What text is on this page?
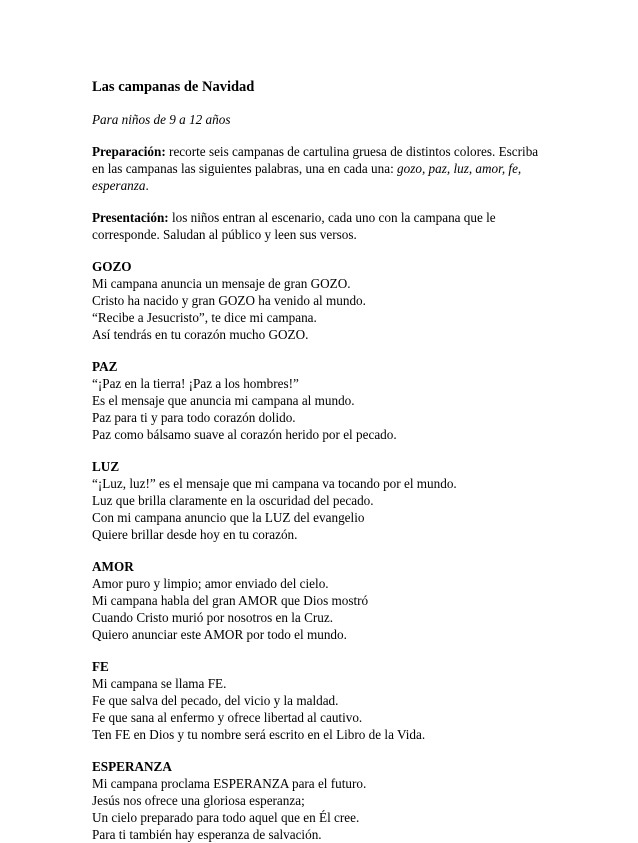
Las campanas de Navidad

Para niños de 9 a 12 años

Preparación: recorte seis campanas de cartulina gruesa de distintos colores. Escriba en las campanas las siguientes palabras, una en cada una: gozo, paz, luz, amor, fe, esperanza.

Presentación: los niños entran al escenario, cada uno con la campana que le corresponde. Saludan al público y leen sus versos.

GOZO

Mi campana anuncia un mensaje de gran GOZO.

Cristo ha nacido y gran GOZO ha venido al mundo.

“Recibe a Jesucristo”, te dice mi campana.

Así tendrás en tu corazón mucho GOZO.

PAZ

“¡Paz en la tierra! ¡Paz a los hombres!”

Es el mensaje que anuncia mi campana al mundo.

Paz para ti y para todo corazón dolido.

Paz como bálsamo suave al corazón herido por el pecado.

LUZ

“¡Luz, luz!” es el mensaje que mi campana va tocando por el mundo.

Luz que brilla claramente en la oscuridad del pecado.

Con mi campana anuncio que la LUZ del evangelio

Quiere brillar desde hoy en tu corazón.

AMOR

Amor puro y limpio; amor enviado del cielo.

Mi campana habla del gran AMOR que Dios mostró

Cuando Cristo murió por nosotros en la Cruz.

Quiero anunciar este AMOR por todo el mundo.

FE

Mi campana se llama FE.

Fe que salva del pecado, del vicio y la maldad.

Fe que sana al enfermo y ofrece libertad al cautivo.

Ten FE en Dios y tu nombre será escrito en el Libro de la Vida.

ESPERANZA

Mi campana proclama ESPERANZA para el futuro.

Jesús nos ofrece una gloriosa esperanza;

Un cielo preparado para todo aquel que en Él cree.

Para ti también hay esperanza de salvación.
